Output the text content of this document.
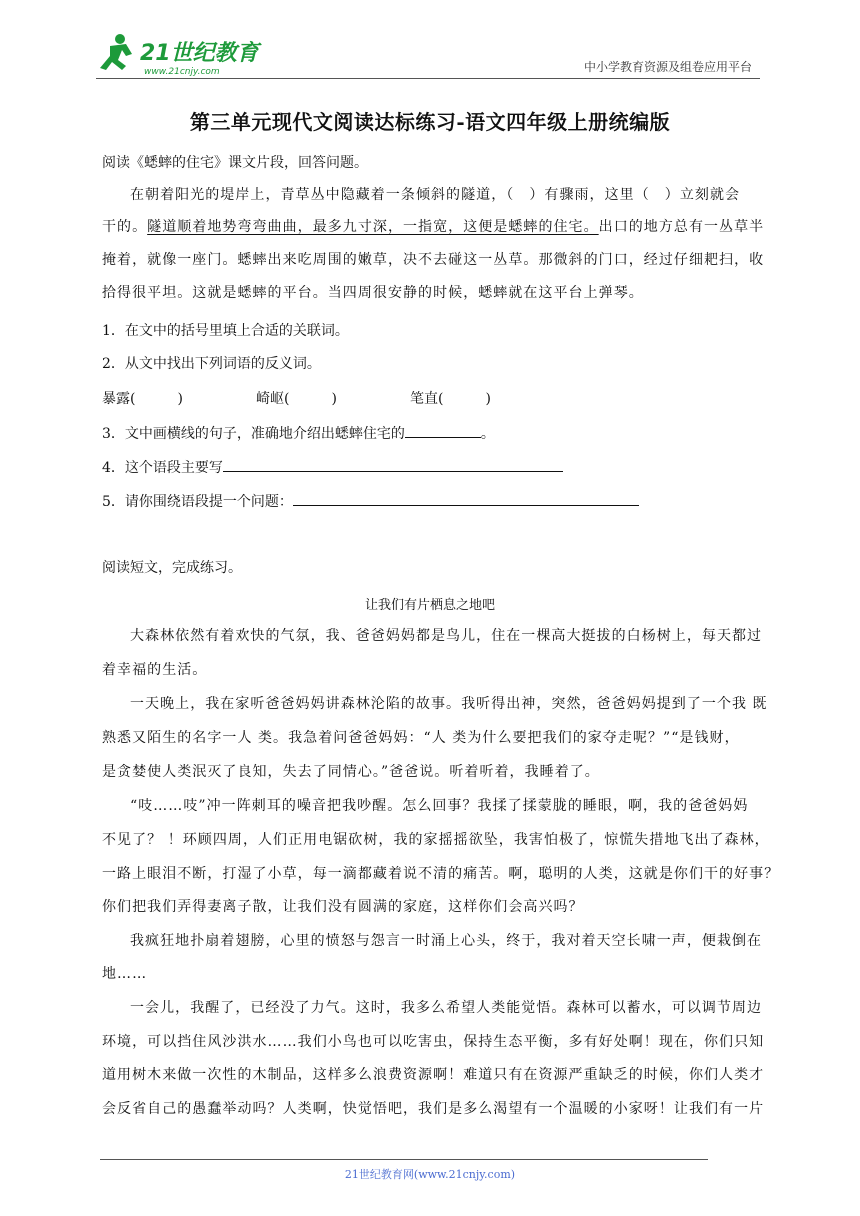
21世纪教育
www.21cnjy.com	中小学教育资源及组卷应用平台
第三单元现代文阅读达标练习-语文四年级上册统编版
阅读《蟋蟀的住宅》课文片段，回答问题。
在朝着阳光的堤岸上，青草丛中隐藏着一条倾斜的隧道，（　）有骤雨，这里（　）立刻就会
干的。隧道顺着地势弯弯曲曲，最多九寸深，一指宽，这便是蟋蟀的住宅。出口的地方总有一丛草半
掩着，就像一座门。蟋蟀出来吃周围的嫩草，决不去碰这一丛草。那微斜的门口，经过仔细耙扫，收
拾得很平坦。这就是蟋蟀的平台。当四周很安静的时候，蟋蟀就在这平台上弹琴。
1．在文中的括号里填上合适的关联词。
2．从文中找出下列词语的反义词。
暴露(　　　)	崎岖(　　　)	笔直(　　　)
3．文中画横线的句子，准确地介绍出蟋蟀住宅的	。
4．这个语段主要写
5．请你围绕语段提一个问题：
阅读短文，完成练习。
让我们有片栖息之地吧
大森林依然有着欢快的气氛，我、爸爸妈妈都是鸟儿，住在一棵高大挺拔的白杨树上，每天都过
着幸福的生活。
一天晚上，我在家听爸爸妈妈讲森林沦陷的故事。我听得出神，突然，爸爸妈妈提到了一个我 既
熟悉又陌生的名字一人 类。我急着问爸爸妈妈：“人 类为什么要把我们的家夺走呢？”“是钱财，
是贪婪使人类泯灭了良知，失去了同情心。”爸爸说。听着听着，我睡着了。
“吱……吱”冲一阵刺耳的噪音把我吵醒。怎么回事？我揉了揉蒙胧的睡眼，啊，我的爸爸妈妈
不见了？ ！环顾四周，人们正用电锯砍树，我的家摇摇欲坠，我害怕极了，惊慌失措地飞出了森林，
一路上眼泪不断，打湿了小草，每一滴都藏着说不清的痛苦。啊，聪明的人类，这就是你们干的好事？
你们把我们弄得妻离子散，让我们没有圆满的家庭，这样你们会高兴吗？
我疯狂地扑扇着翅膀，心里的愤怒与怨言一时涌上心头，终于，我对着天空长啸一声，便栽倒在
地……
一会儿，我醒了，已经没了力气。这时，我多么希望人类能觉悟。森林可以蓄水，可以调节周边
环境，可以挡住风沙洪水……我们小鸟也可以吃害虫，保持生态平衡，多有好处啊！现在，你们只知
道用树木来做一次性的木制品，这样多么浪费资源啊！难道只有在资源严重缺乏的时候，你们人类才
会反省自己的愚蠢举动吗？人类啊，快觉悟吧，我们是多么渴望有一个温暖的小家呀！让我们有一片
21世纪教育网(www.21cnjy.com)
